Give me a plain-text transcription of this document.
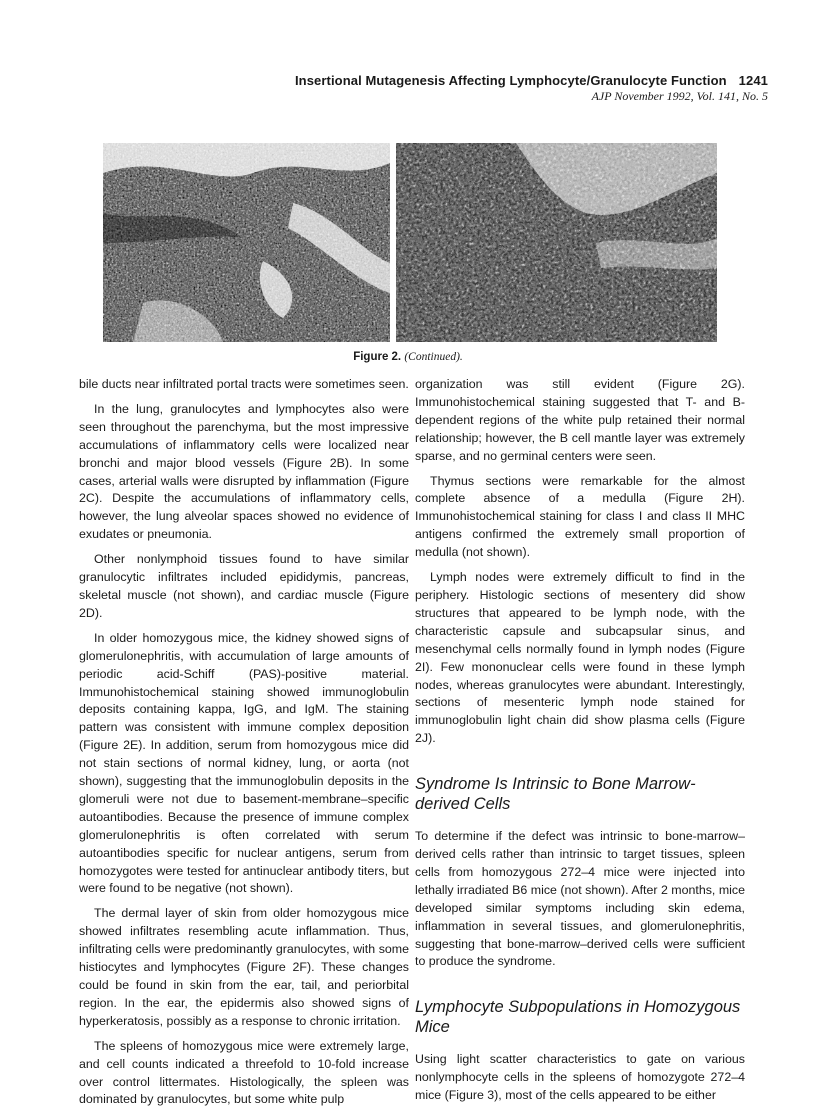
Insertional Mutagenesis Affecting Lymphocyte/Granulocyte Function 1241
AJP November 1992, Vol. 141, No. 5
Figure 2. (Continued).

bile ducts near infiltrated portal tracts were sometimes seen.

In the lung, granulocytes and lymphocytes also were seen throughout the parenchyma, but the most impressive accumulations of inflammatory cells were localized near bronchi and major blood vessels (Figure 2B). In some cases, arterial walls were disrupted by inflammation (Figure 2C). Despite the accumulations of inflammatory cells, however, the lung alveolar spaces showed no evidence of exudates or pneumonia.

Other nonlymphoid tissues found to have similar granulocytic infiltrates included epididymis, pancreas, skeletal muscle (not shown), and cardiac muscle (Figure 2D).

In older homozygous mice, the kidney showed signs of glomerulonephritis, with accumulation of large amounts of periodic acid-Schiff (PAS)-positive material. Immunohistochemical staining showed immunoglobulin deposits containing kappa, IgG, and IgM. The staining pattern was consistent with immune complex deposition (Figure 2E). In addition, serum from homozygous mice did not stain sections of normal kidney, lung, or aorta (not shown), suggesting that the immunoglobulin deposits in the glomeruli were not due to basement-membrane–specific autoantibodies. Because the presence of immune complex glomerulonephritis is often correlated with serum autoantibodies specific for nuclear antigens, serum from homozygotes were tested for antinuclear antibody titers, but were found to be negative (not shown).

The dermal layer of skin from older homozygous mice showed infiltrates resembling acute inflammation. Thus, infiltrating cells were predominantly granulocytes, with some histiocytes and lymphocytes (Figure 2F). These changes could be found in skin from the ear, tail, and periorbital region. In the ear, the epidermis also showed signs of hyperkeratosis, possibly as a response to chronic irritation.

The spleens of homozygous mice were extremely large, and cell counts indicated a threefold to 10-fold increase over control littermates. Histologically, the spleen was dominated by granulocytes, but some white pulp

organization was still evident (Figure 2G). Immunohistochemical staining suggested that T- and B-dependent regions of the white pulp retained their normal relationship; however, the B cell mantle layer was extremely sparse, and no germinal centers were seen.

Thymus sections were remarkable for the almost complete absence of a medulla (Figure 2H). Immunohistochemical staining for class I and class II MHC antigens confirmed the extremely small proportion of medulla (not shown).

Lymph nodes were extremely difficult to find in the periphery. Histologic sections of mesentery did show structures that appeared to be lymph node, with the characteristic capsule and subcapsular sinus, and mesenchymal cells normally found in lymph nodes (Figure 2I). Few mononuclear cells were found in these lymph nodes, whereas granulocytes were abundant. Interestingly, sections of mesenteric lymph node stained for immunoglobulin light chain did show plasma cells (Figure 2J).

Syndrome Is Intrinsic to Bone Marrow-derived Cells

To determine if the defect was intrinsic to bone-marrow–derived cells rather than intrinsic to target tissues, spleen cells from homozygous 272–4 mice were injected into lethally irradiated B6 mice (not shown). After 2 months, mice developed similar symptoms including skin edema, inflammation in several tissues, and glomerulonephritis, suggesting that bone-marrow–derived cells were sufficient to produce the syndrome.

Lymphocyte Subpopulations in Homozygous Mice

Using light scatter characteristics to gate on various nonlymphocyte cells in the spleens of homozygote 272–4 mice (Figure 3), most of the cells appeared to be either
